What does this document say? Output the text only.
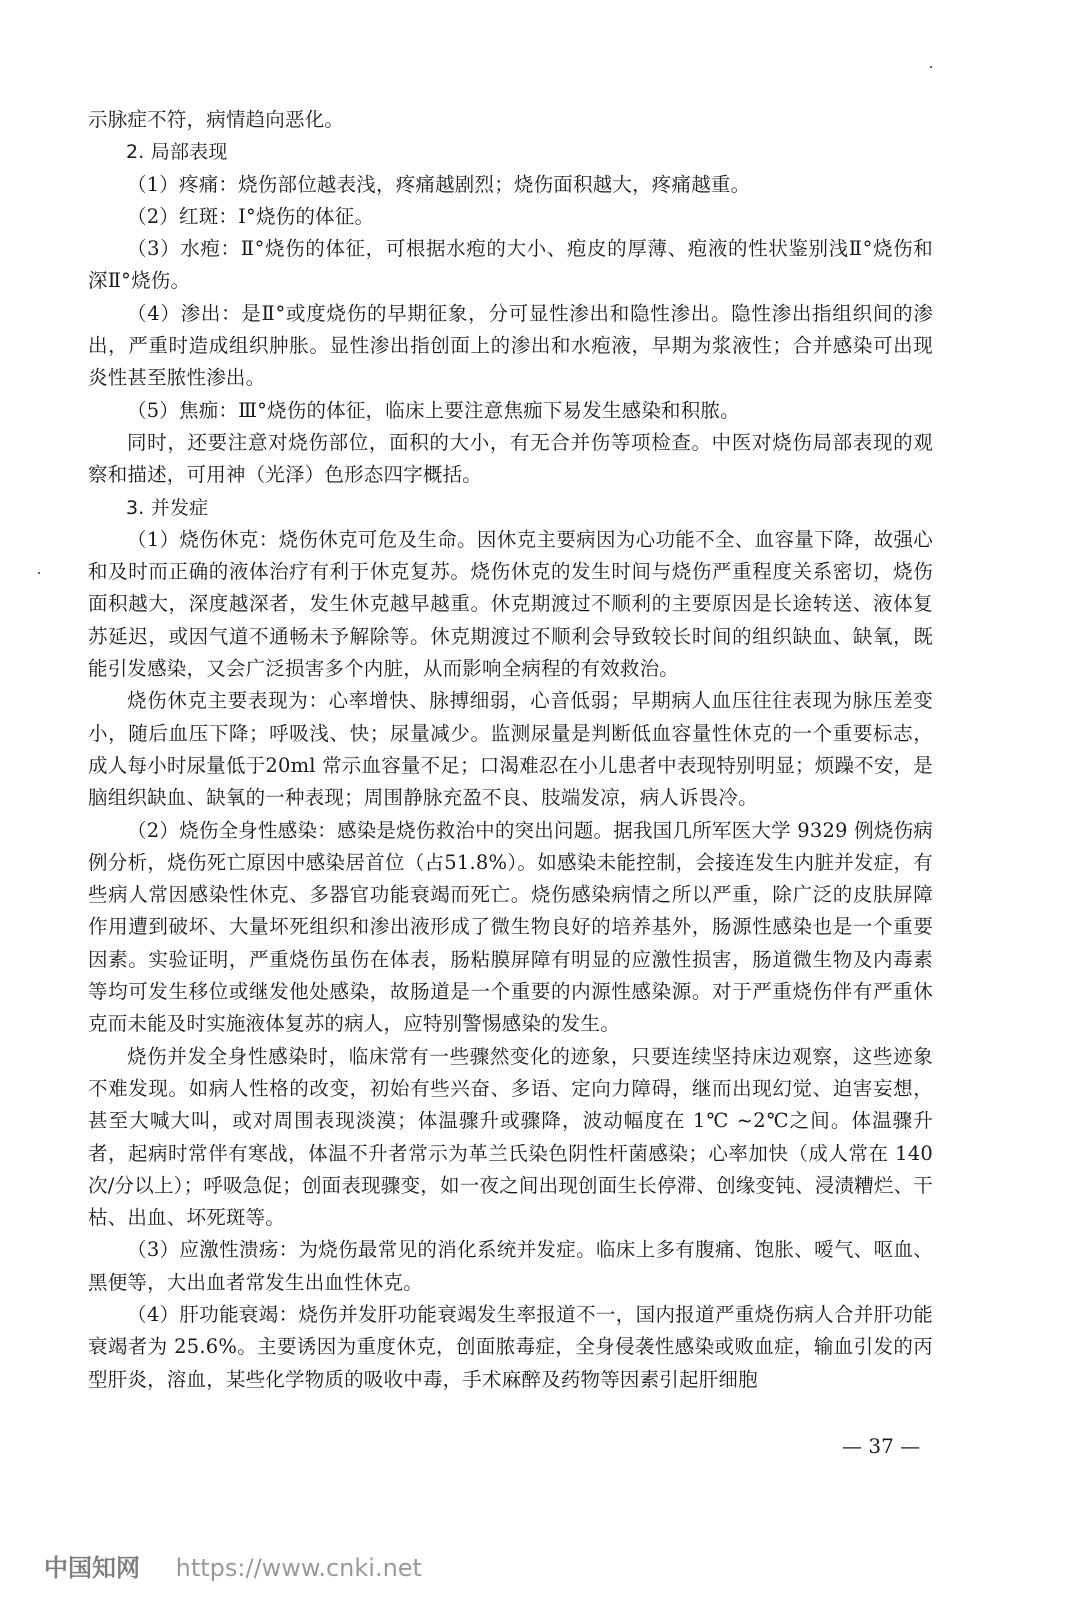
示脉症不符，病情趋向恶化。

2. 局部表现

（1）疼痛：烧伤部位越表浅，疼痛越剧烈；烧伤面积越大，疼痛越重。

（2）红斑：Ⅰ°烧伤的体征。

（3）水疱：Ⅱ°烧伤的体征，可根据水疱的大小、疱皮的厚薄、疱液的性状鉴别浅Ⅱ°烧伤和深Ⅱ°烧伤。

（4）渗出：是Ⅱ°或度烧伤的早期征象，分可显性渗出和隐性渗出。隐性渗出指组织间的渗出，严重时造成组织肿胀。显性渗出指创面上的渗出和水疱液，早期为浆液性；合并感染可出现炎性甚至脓性渗出。

（5）焦痂：Ⅲ°烧伤的体征，临床上要注意焦痂下易发生感染和积脓。

同时，还要注意对烧伤部位，面积的大小，有无合并伤等项检查。中医对烧伤局部表现的观察和描述，可用神（光泽）色形态四字概括。

3. 并发症

（1）烧伤休克：烧伤休克可危及生命。因休克主要病因为心功能不全、血容量下降，故强心和及时而正确的液体治疗有利于休克复苏。烧伤休克的发生时间与烧伤严重程度关系密切，烧伤面积越大，深度越深者，发生休克越早越重。休克期渡过不顺利的主要原因是长途转送、液体复苏延迟，或因气道不通畅未予解除等。休克期渡过不顺利会导致较长时间的组织缺血、缺氧，既能引发感染，又会广泛损害多个内脏，从而影响全病程的有效救治。

烧伤休克主要表现为：心率增快、脉搏细弱，心音低弱；早期病人血压往往表现为脉压差变小，随后血压下降；呼吸浅、快；尿量减少。监测尿量是判断低血容量性休克的一个重要标志，成人每小时尿量低于20ml 常示血容量不足；口渴难忍在小儿患者中表现特别明显；烦躁不安，是脑组织缺血、缺氧的一种表现；周围静脉充盈不良、肢端发凉，病人诉畏冷。

（2）烧伤全身性感染：感染是烧伤救治中的突出问题。据我国几所军医大学 9329 例烧伤病例分析，烧伤死亡原因中感染居首位（占51.8%）。如感染未能控制，会接连发生内脏并发症，有些病人常因感染性休克、多器官功能衰竭而死亡。烧伤感染病情之所以严重，除广泛的皮肤屏障作用遭到破坏、大量坏死组织和渗出液形成了微生物良好的培养基外，肠源性感染也是一个重要因素。实验证明，严重烧伤虽伤在体表，肠粘膜屏障有明显的应激性损害，肠道微生物及内毒素等均可发生移位或继发他处感染，故肠道是一个重要的内源性感染源。对于严重烧伤伴有严重休克而未能及时实施液体复苏的病人，应特别警惕感染的发生。

烧伤并发全身性感染时，临床常有一些骤然变化的迹象，只要连续坚持床边观察，这些迹象不难发现。如病人性格的改变，初始有些兴奋、多语、定向力障碍，继而出现幻觉、迫害妄想，甚至大喊大叫，或对周围表现淡漠；体温骤升或骤降，波动幅度在 1℃ ~2℃之间。体温骤升者，起病时常伴有寒战，体温不升者常示为革兰氏染色阴性杆菌感染；心率加快（成人常在 140 次/分以上）；呼吸急促；创面表现骤变，如一夜之间出现创面生长停滞、创缘变钝、浸渍糟烂、干枯、出血、坏死斑等。

（3）应激性溃疡：为烧伤最常见的消化系统并发症。临床上多有腹痛、饱胀、嗳气、呕血、黑便等，大出血者常发生出血性休克。

（4）肝功能衰竭：烧伤并发肝功能衰竭发生率报道不一，国内报道严重烧伤病人合并肝功能衰竭者为 25.6%。主要诱因为重度休克，创面脓毒症，全身侵袭性感染或败血症，输血引发的丙型肝炎，溶血，某些化学物质的吸收中毒，手术麻醉及药物等因素引起肝细胞

— 37 —
中国知网 https://www.cnki.net
